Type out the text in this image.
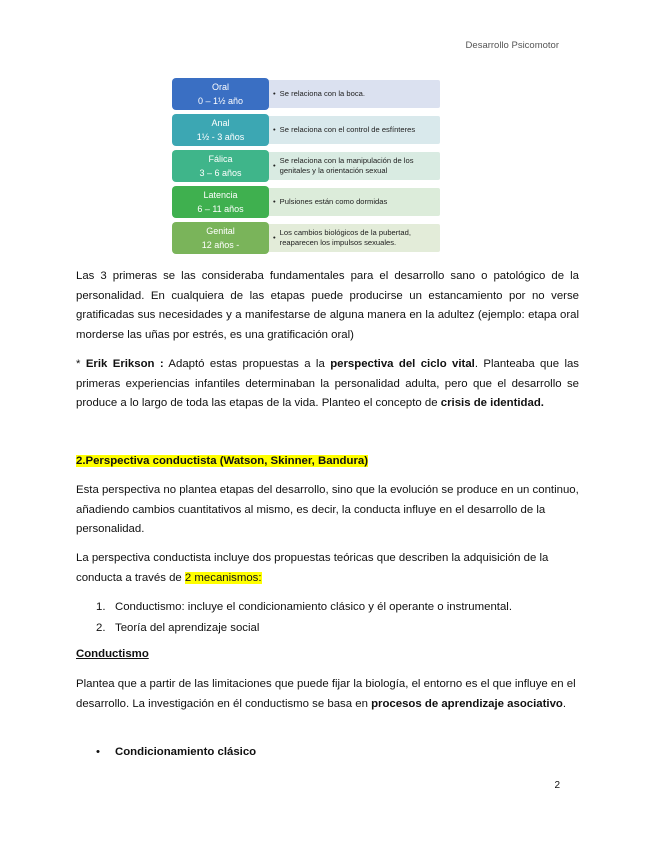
Desarrollo Psicomotor
Oral
0 – 1½ año
• Se relaciona con la boca.
Anal
1½ - 3 años
• Se relaciona con el control de esfínteres
Fálica
3 – 6 años
•
Se relaciona con la manipulación de los genitales y la orientación sexual
Latencia
6 – 11 años
• Pulsiones están como dormidas
Genital
12 años -
•
Los cambios biológicos de la pubertad, reaparecen los impulsos sexuales.

Las 3 primeras se las consideraba fundamentales para el desarrollo sano o patológico de la personalidad. En cualquiera de las etapas puede producirse un estancamiento por no verse gratificadas sus necesidades y a manifestarse de alguna manera en la adultez (ejemplo: etapa oral morderse las uñas por estrés, es una gratificación oral)

* Erik Erikson : Adaptó estas propuestas a la perspectiva del ciclo vital. Planteaba que las primeras experiencias infantiles determinaban la personalidad adulta, pero que el desarrollo se produce a lo largo de toda las etapas de la vida. Planteo el concepto de crisis de identidad.

2.Perspectiva conductista (Watson, Skinner, Bandura)

Esta perspectiva no plantea etapas del desarrollo, sino que la evolución se produce en un continuo, añadiendo cambios cuantitativos al mismo, es decir, la conducta influye en el desarrollo de la personalidad.

La perspectiva conductista incluye dos propuestas teóricas que describen la adquisición de la conducta a través de 2 mecanismos:

1. Conductismo: incluye el condicionamiento clásico y él operante o instrumental.
2. Teoría del aprendizaje social

Conductismo

Plantea que a partir de las limitaciones que puede fijar la biología, el entorno es el que influye en el desarrollo. La investigación en él conductismo se basa en procesos de aprendizaje asociativo.

• Condicionamiento clásico
2
